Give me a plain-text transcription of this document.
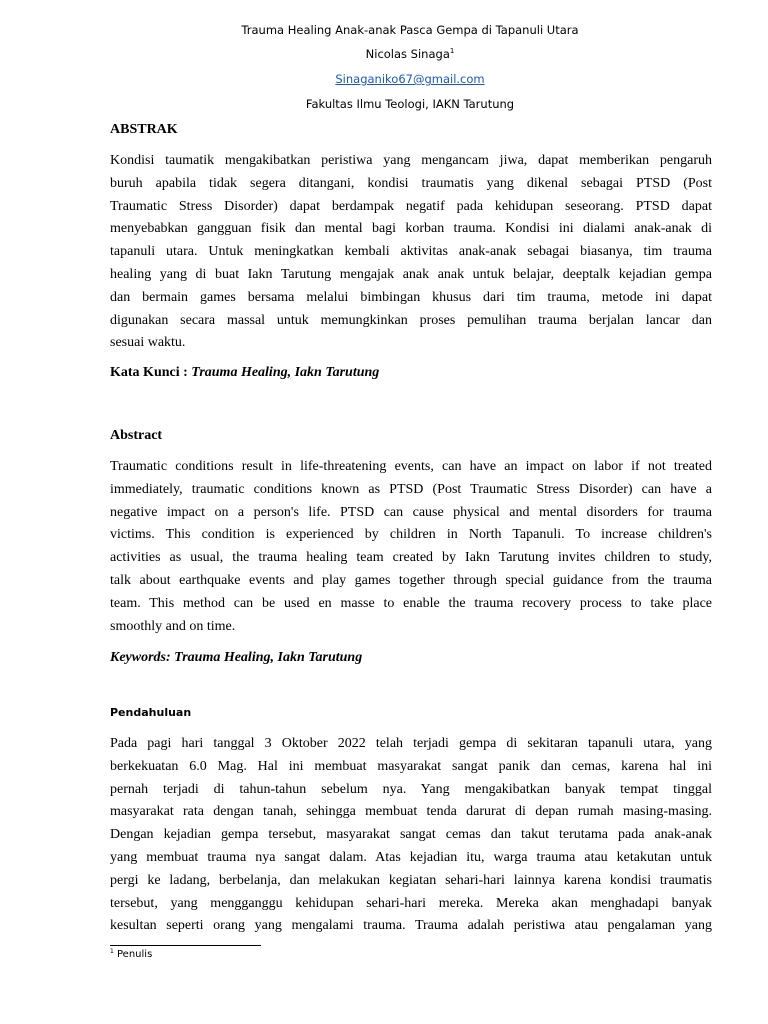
Trauma Healing Anak-anak Pasca Gempa di Tapanuli Utara
Nicolas Sinaga$^1$
Sinaganiko67@gmail.com
Fakultas Ilmu Teologi, IAKN Tarutung
ABSTRAK
Kondisi taumatik mengakibatkan peristiwa yang mengancam jiwa, dapat memberikan pengaruh
buruh apabila tidak segera ditangani, kondisi traumatis yang dikenal sebagai PTSD (Post
Traumatic Stress Disorder) dapat berdampak negatif pada kehidupan seseorang. PTSD dapat
menyebabkan gangguan fisik dan mental bagi korban trauma. Kondisi ini dialami anak-anak di
tapanuli utara. Untuk meningkatkan kembali aktivitas anak-anak sebagai biasanya, tim trauma
healing yang di buat Iakn Tarutung mengajak anak anak untuk belajar, deeptalk kejadian gempa
dan bermain games bersama melalui bimbingan khusus dari tim trauma, metode ini dapat
digunakan secara massal untuk memungkinkan proses pemulihan trauma berjalan lancar dan
sesuai waktu.
Kata Kunci : Trauma Healing, Iakn Tarutung
Abstract
Traumatic conditions result in life-threatening events, can have an impact on labor if not treated
immediately, traumatic conditions known as PTSD (Post Traumatic Stress Disorder) can have a
negative impact on a person's life. PTSD can cause physical and mental disorders for trauma
victims. This condition is experienced by children in North Tapanuli. To increase children's
activities as usual, the trauma healing team created by Iakn Tarutung invites children to study,
talk about earthquake events and play games together through special guidance from the trauma
team. This method can be used en masse to enable the trauma recovery process to take place
smoothly and on time.
Keywords: Trauma Healing, Iakn Tarutung
Pendahuluan
Pada pagi hari tanggal 3 Oktober 2022 telah terjadi gempa di sekitaran tapanuli utara, yang
berkekuatan 6.0 Mag. Hal ini membuat masyarakat sangat panik dan cemas, karena hal ini
pernah terjadi di tahun-tahun sebelum nya. Yang mengakibatkan banyak tempat tinggal
masyarakat rata dengan tanah, sehingga membuat tenda darurat di depan rumah masing-masing.
Dengan kejadian gempa tersebut, masyarakat sangat cemas dan takut terutama pada anak-anak
yang membuat trauma nya sangat dalam. Atas kejadian itu, warga trauma atau ketakutan untuk
pergi ke ladang, berbelanja, dan melakukan kegiatan sehari-hari lainnya karena kondisi traumatis
tersebut, yang mengganggu kehidupan sehari-hari mereka. Mereka akan menghadapi banyak
kesultan seperti orang yang mengalami trauma. Trauma adalah peristiwa atau pengalaman yang
$^1$ Penulis
